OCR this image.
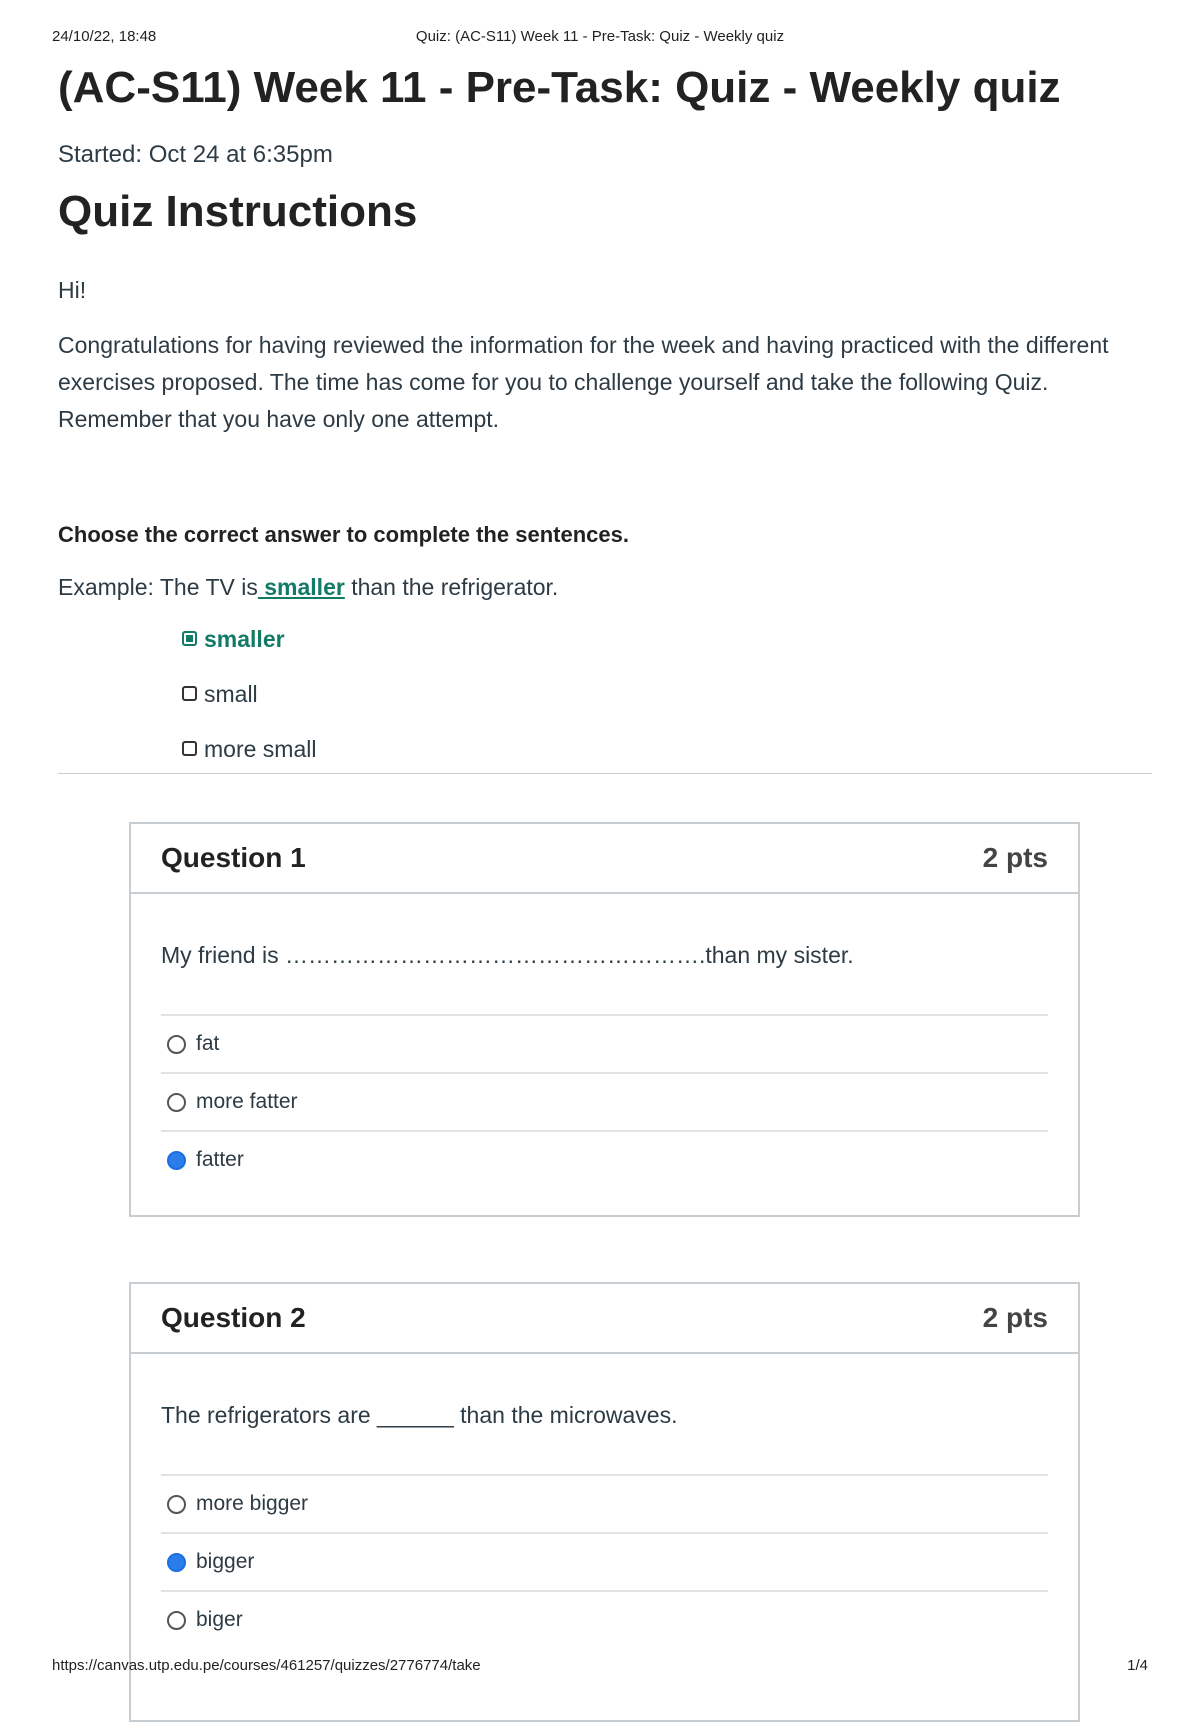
24/10/22, 18:48	Quiz: (AC-S11) Week 11 - Pre-Task: Quiz - Weekly quiz
(AC-S11) Week 11 - Pre-Task: Quiz - Weekly quiz
Started: Oct 24 at 6:35pm
Quiz Instructions

Hi!

Congratulations for having reviewed the information for the week and having practiced with the different exercises proposed. The time has come for you to challenge yourself and take the following Quiz. Remember that you have only one attempt.

Choose the correct answer to complete the sentences.

Example: The TV is smaller than the refrigerator.

smaller
small
more small
Question 1	2 pts
My friend is ……………………………………………….than my sister.
fat
more fatter
fatter
Question 2	2 pts
The refrigerators are ______ than the microwaves.
more bigger
bigger
biger
https://canvas.utp.edu.pe/courses/461257/quizzes/2776774/take	1/4
